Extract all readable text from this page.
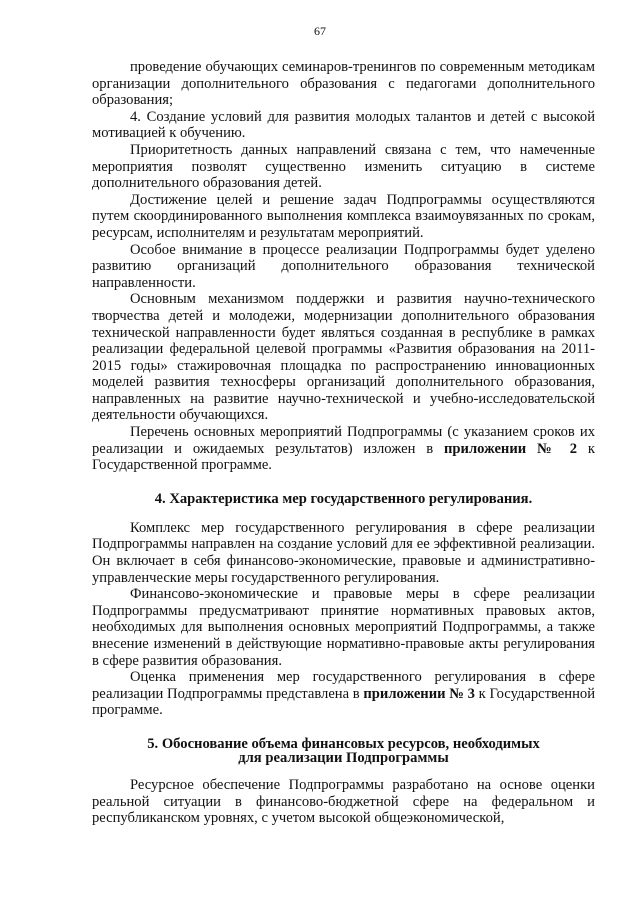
67

проведение обучающих семинаров-тренингов по современным методикам организации дополнительного образования с педагогами дополнительного образования;

4. Создание условий для развития молодых талантов и детей с высокой мотивацией к обучению.

Приоритетность данных направлений связана с тем, что намеченные мероприятия позволят существенно изменить ситуацию в системе дополнительного образования детей.

Достижение целей и решение задач Подпрограммы осуществляются путем скоординированного выполнения комплекса взаимоувязанных по срокам, ресурсам, исполнителям и результатам мероприятий.

Особое внимание в процессе реализации Подпрограммы будет уделено развитию организаций дополнительного образования технической направленности.

Основным механизмом поддержки и развития научно-технического творчества детей и молодежи, модернизации дополнительного образования технической направленности будет являться созданная в республике в рамках реализации федеральной целевой программы «Развития образования на 2011-2015 годы» стажировочная площадка по распространению инновационных моделей развития техносферы организаций дополнительного образования, направленных на развитие научно-технической и учебно-исследовательской деятельности обучающихся.

Перечень основных мероприятий Подпрограммы (с указанием сроков их реализации и ожидаемых результатов) изложен в приложении № 2 к Государственной программе.

4. Характеристика мер государственного регулирования.

Комплекс мер государственного регулирования в сфере реализации Подпрограммы направлен на создание условий для ее эффективной реализации. Он включает в себя финансово-экономические, правовые и административно-управленческие меры государственного регулирования.

Финансово-экономические и правовые меры в сфере реализации Подпрограммы предусматривают принятие нормативных правовых актов, необходимых для выполнения основных мероприятий Подпрограммы, а также внесение изменений в действующие нормативно-правовые акты регулирования в сфере развития образования.

Оценка применения мер государственного регулирования в сфере реализации Подпрограммы представлена в приложении № 3 к Государственной программе.

5. Обоснование объема финансовых ресурсов, необходимых
для реализации Подпрограммы

Ресурсное обеспечение Подпрограммы разработано на основе оценки реальной ситуации в финансово-бюджетной сфере на федеральном и республиканском уровнях, с учетом высокой общеэкономической,
